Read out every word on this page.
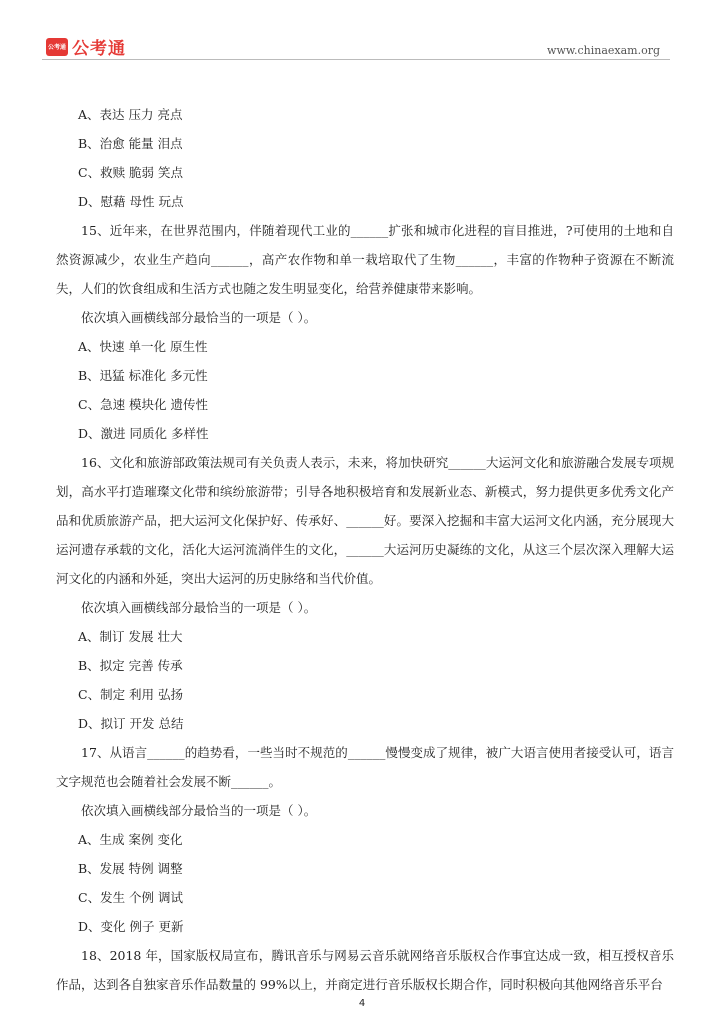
公考通 公考通	www.chinaexam.org
A、表达 压力 亮点
B、治愈 能量 泪点
C、救赎 脆弱 笑点
D、慰藉 母性 玩点

15、近年来，在世界范围内，伴随着现代工业的______扩张和城市化进程的盲目推进，?可使用的土地和自然资源减少，农业生产趋向______，高产农作物和单一栽培取代了生物______，丰富的作物种子资源在不断流失，人们的饮食组成和生活方式也随之发生明显变化，给营养健康带来影响。

依次填入画横线部分最恰当的一项是（ ）。
A、快速 单一化 原生性
B、迅猛 标准化 多元性
C、急速 模块化 遗传性
D、激进 同质化 多样性

16、文化和旅游部政策法规司有关负责人表示，未来，将加快研究______大运河文化和旅游融合发展专项规划，高水平打造璀璨文化带和缤纷旅游带；引导各地积极培育和发展新业态、新模式，努力提供更多优秀文化产品和优质旅游产品，把大运河文化保护好、传承好、______好。要深入挖掘和丰富大运河文化内涵，充分展现大运河遗存承载的文化，活化大运河流淌伴生的文化，______大运河历史凝练的文化，从这三个层次深入理解大运河文化的内涵和外延，突出大运河的历史脉络和当代价值。

依次填入画横线部分最恰当的一项是（ ）。
A、制订 发展 壮大
B、拟定 完善 传承
C、制定 利用 弘扬
D、拟订 开发 总结

17、从语言______的趋势看，一些当时不规范的______慢慢变成了规律，被广大语言使用者接受认可，语言文字规范也会随着社会发展不断______。

依次填入画横线部分最恰当的一项是（ ）。
A、生成 案例 变化
B、发展 特例 调整
C、发生 个例 调试
D、变化 例子 更新

18、2018 年，国家版权局宣布，腾讯音乐与网易云音乐就网络音乐版权合作事宜达成一致，相互授权音乐作品，达到各自独家音乐作品数量的 99%以上，并商定进行音乐版权长期合作，同时积极向其他网络音乐平台

4
